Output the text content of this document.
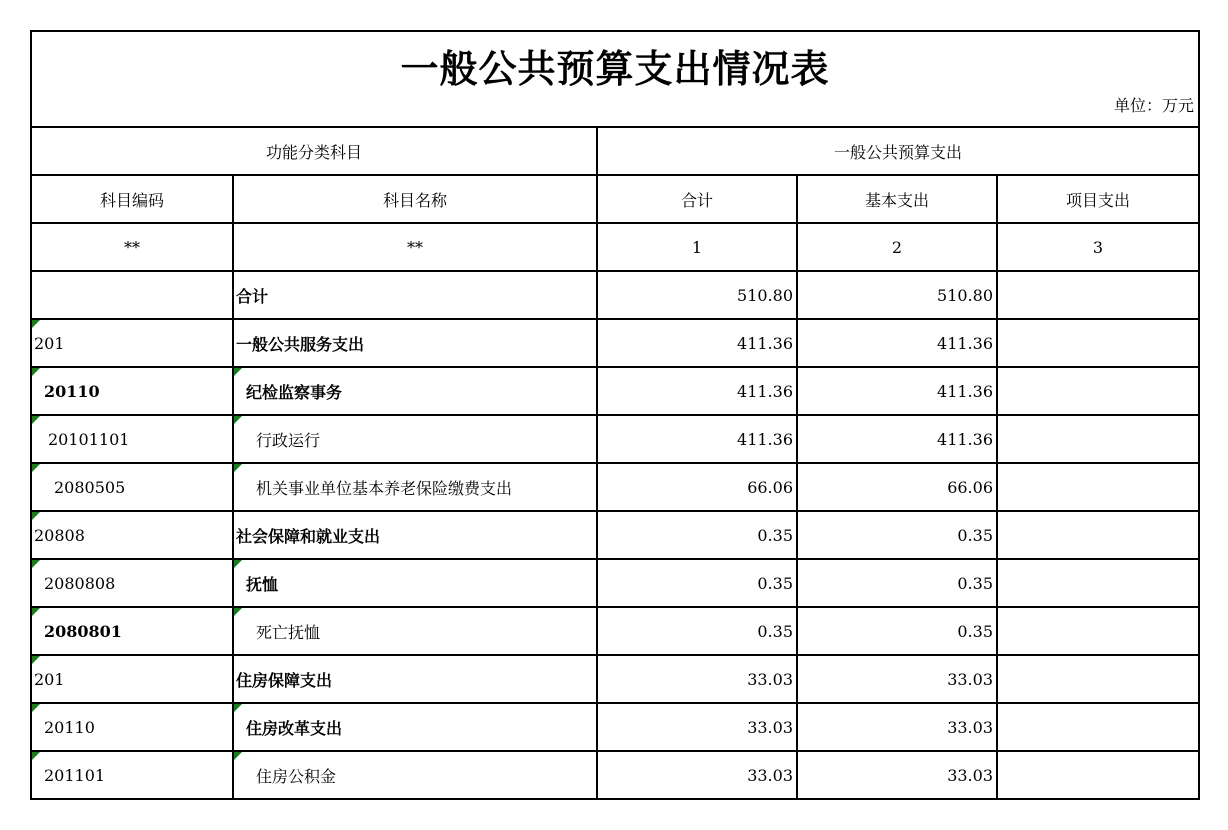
一般公共预算支出情况表
单位：万元				

功能分类科目		一般公共预算支出		
科目编码	科目名称	合计	基本支出	项目支出
**	**	1	2	3
	合计	510.80	510.80	
201	一般公共服务支出	411.36	411.36	
20110	纪检监察事务	411.36	411.36	
20101101	行政运行	411.36	411.36	
2080505	机关事业单位基本养老保险缴费支出	66.06	66.06	
20808	社会保障和就业支出	0.35	0.35	
2080808	抚恤	0.35	0.35	
2080801	死亡抚恤	0.35	0.35	
201	住房保障支出	33.03	33.03	
20110	住房改革支出	33.03	33.03	
201101	住房公积金	33.03	33.03	
